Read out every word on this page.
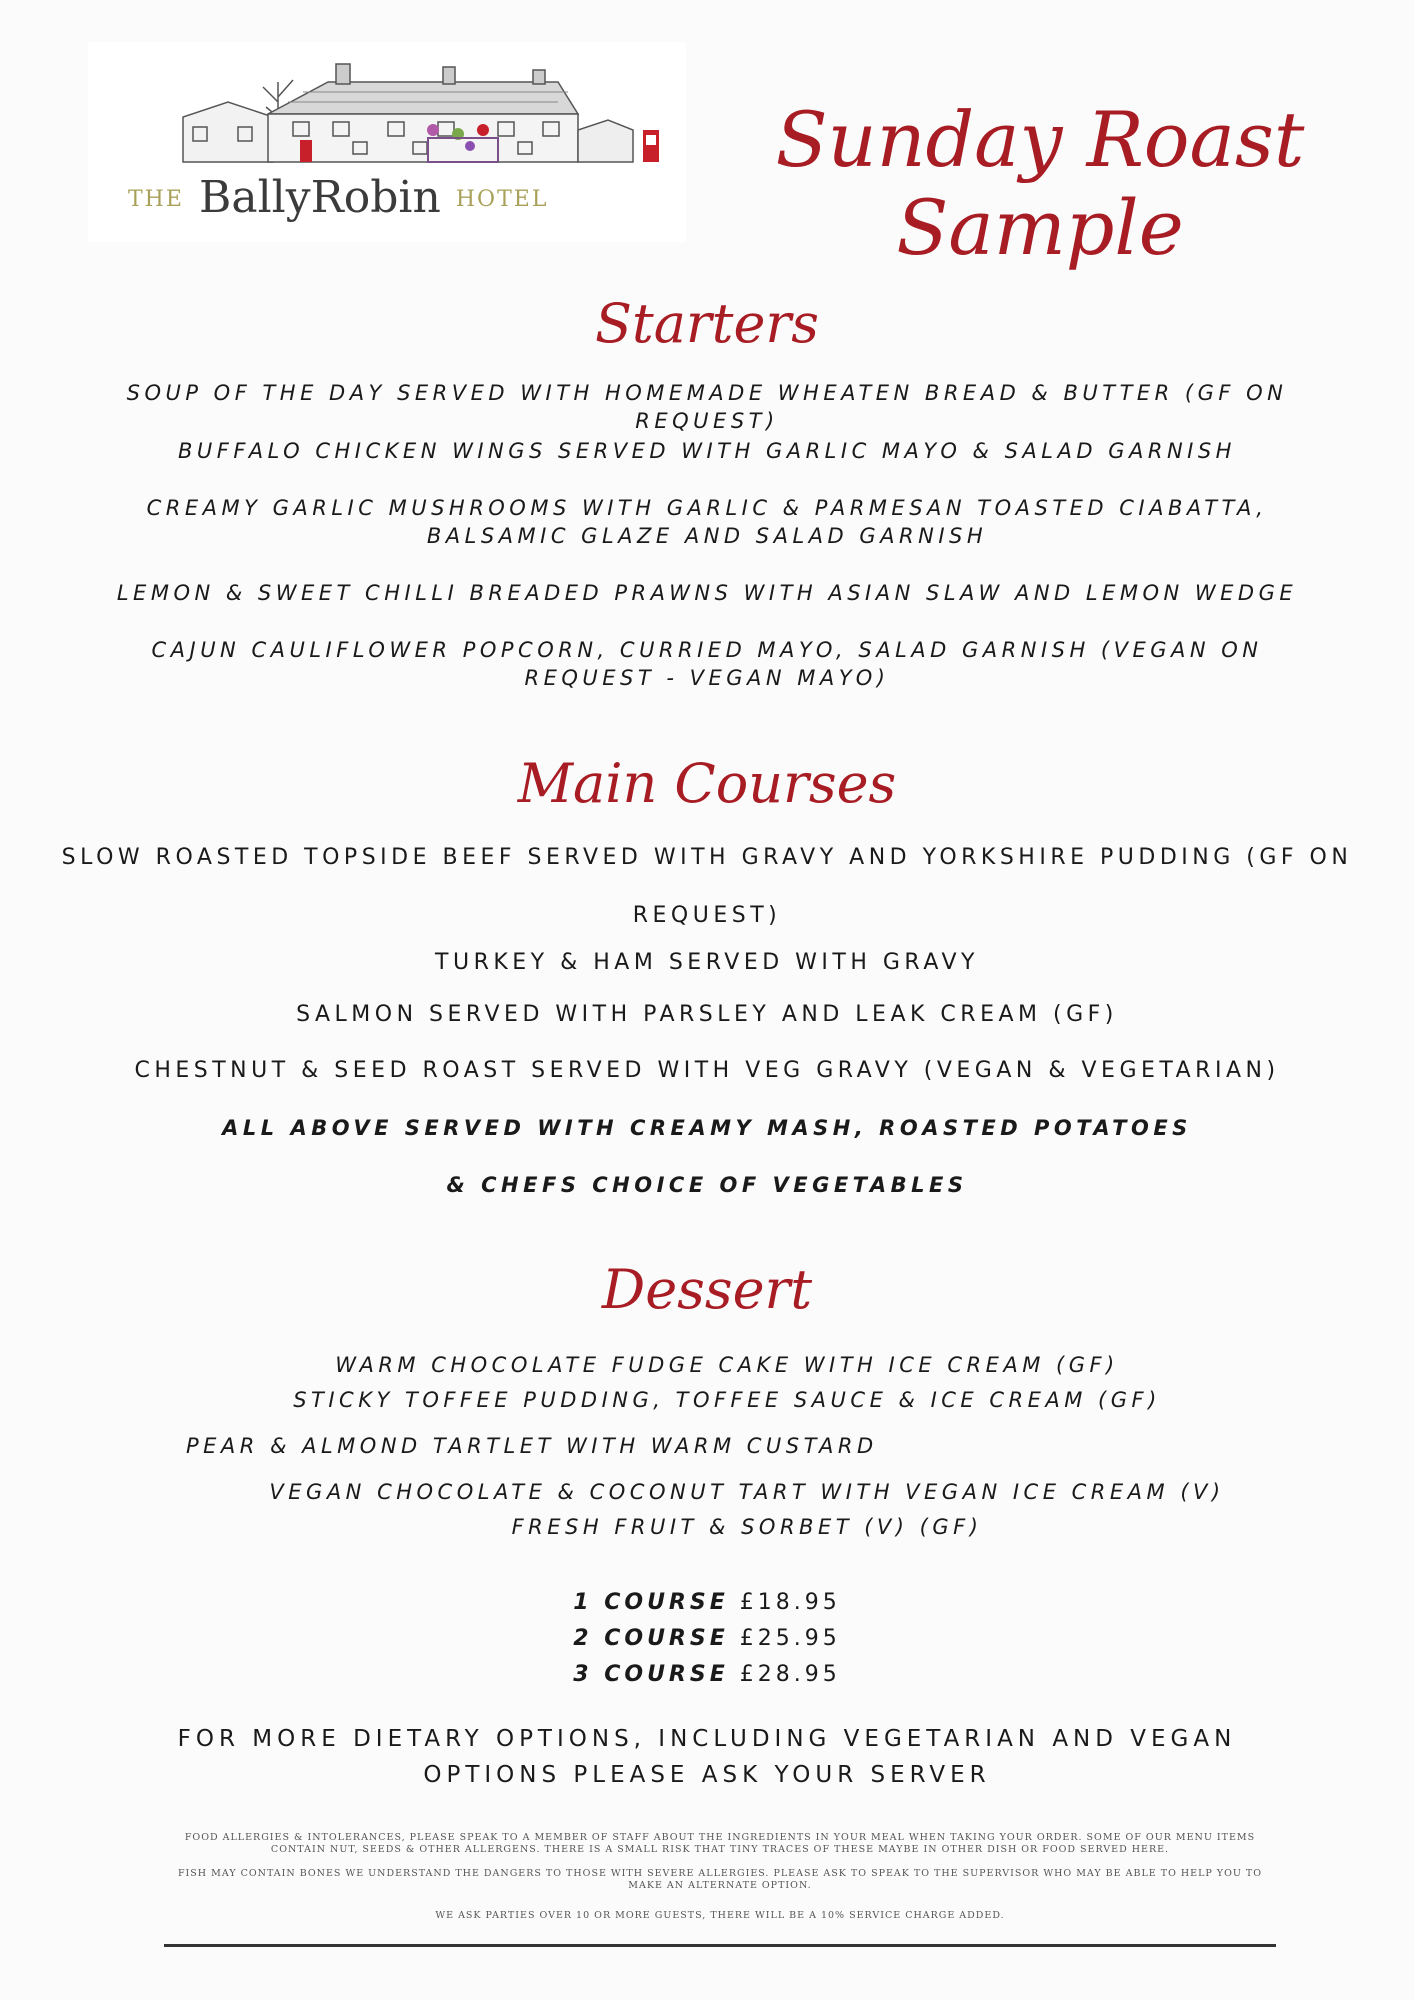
THE BallyRobin HOTEL
Sunday Roast
Sample
Starters

SOUP OF THE DAY SERVED WITH HOMEMADE WHEATEN BREAD & BUTTER (GF ON REQUEST)

BUFFALO CHICKEN WINGS SERVED WITH GARLIC MAYO & SALAD GARNISH

CREAMY GARLIC MUSHROOMS WITH GARLIC & PARMESAN TOASTED CIABATTA, BALSAMIC GLAZE AND SALAD GARNISH

LEMON & SWEET CHILLI BREADED PRAWNS WITH ASIAN SLAW AND LEMON WEDGE

CAJUN CAULIFLOWER POPCORN, CURRIED MAYO, SALAD GARNISH (VEGAN ON REQUEST - VEGAN MAYO)

Main Courses

SLOW ROASTED TOPSIDE BEEF SERVED WITH GRAVY AND YORKSHIRE PUDDING (GF ON

REQUEST)

TURKEY & HAM SERVED WITH GRAVY

SALMON SERVED WITH PARSLEY AND LEAK CREAM (GF)

CHESTNUT & SEED ROAST SERVED WITH VEG GRAVY (VEGAN & VEGETARIAN)

ALL ABOVE SERVED WITH CREAMY MASH, ROASTED POTATOES

& CHEFS CHOICE OF VEGETABLES

Dessert

WARM CHOCOLATE FUDGE CAKE WITH ICE CREAM (GF)

STICKY TOFFEE PUDDING, TOFFEE SAUCE & ICE CREAM (GF)

PEAR & ALMOND TARTLET WITH WARM CUSTARD

VEGAN CHOCOLATE & COCONUT TART WITH VEGAN ICE CREAM (V)

FRESH FRUIT & SORBET (V) (GF)

1 COURSE £18.95

2 COURSE £25.95

3 COURSE £28.95

FOR MORE DIETARY OPTIONS, INCLUDING VEGETARIAN AND VEGAN

OPTIONS PLEASE ASK YOUR SERVER

FOOD ALLERGIES & INTOLERANCES, PLEASE SPEAK TO A MEMBER OF STAFF ABOUT THE INGREDIENTS IN YOUR MEAL WHEN TAKING YOUR ORDER. SOME OF OUR MENU ITEMS CONTAIN NUT, SEEDS & OTHER ALLERGENS. THERE IS A SMALL RISK THAT TINY TRACES OF THESE MAYBE IN OTHER DISH OR FOOD SERVED HERE.

FISH MAY CONTAIN BONES WE UNDERSTAND THE DANGERS TO THOSE WITH SEVERE ALLERGIES. PLEASE ASK TO SPEAK TO THE SUPERVISOR WHO MAY BE ABLE TO HELP YOU TO MAKE AN ALTERNATE OPTION.

WE ASK PARTIES OVER 10 OR MORE GUESTS, THERE WILL BE A 10% SERVICE CHARGE ADDED.
